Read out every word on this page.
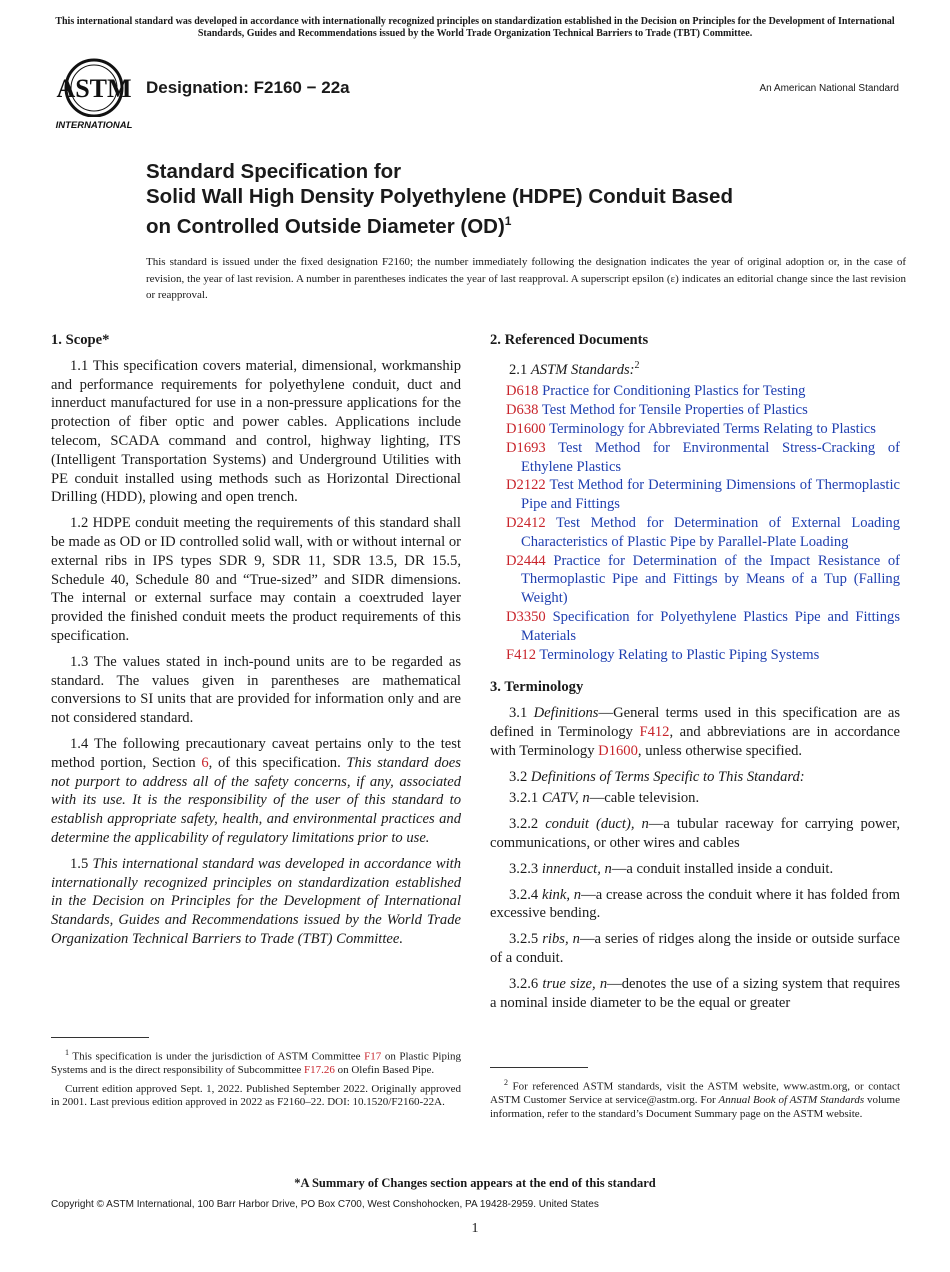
This international standard was developed in accordance with internationally recognized principles on standardization established in the Decision on Principles for the Development of International Standards, Guides and Recommendations issued by the World Trade Organization Technical Barriers to Trade (TBT) Committee.
ASTM
INTERNATIONAL
Designation: F2160 − 22a	An American National Standard
Standard Specification for
Solid Wall High Density Polyethylene (HDPE) Conduit Based
on Controlled Outside Diameter (OD)$^1$
This standard is issued under the fixed designation F2160; the number immediately following the designation indicates the year of original adoption or, in the case of revision, the year of last revision. A number in parentheses indicates the year of last reapproval. A superscript epsilon (ε) indicates an editorial change since the last revision or reapproval.
1. Scope*
1.1 This specification covers material, dimensional, workmanship and performance requirements for polyethylene conduit, duct and innerduct manufactured for use in a non-pressure applications for the protection of fiber optic and power cables. Applications include telecom, SCADA command and control, highway lighting, ITS (Intelligent Transportation Systems) and Underground Utilities with PE conduit installed using methods such as Horizontal Directional Drilling (HDD), plowing and open trench.
1.2 HDPE conduit meeting the requirements of this standard shall be made as OD or ID controlled solid wall, with or without internal or external ribs in IPS types SDR 9, SDR 11, SDR 13.5, DR 15.5, Schedule 40, Schedule 80 and “True-sized” and SIDR dimensions. The internal or external surface may contain a coextruded layer provided the finished conduit meets the product requirements of this specification.
1.3 The values stated in inch-pound units are to be regarded as standard. The values given in parentheses are mathematical conversions to SI units that are provided for information only and are not considered standard.
1.4 The following precautionary caveat pertains only to the test method portion, Section 6, of this specification. This standard does not purport to address all of the safety concerns, if any, associated with its use. It is the responsibility of the user of this standard to establish appropriate safety, health, and environmental practices and determine the applicability of regulatory limitations prior to use.
1.5 This international standard was developed in accordance with internationally recognized principles on standardization established in the Decision on Principles for the Development of International Standards, Guides and Recommendations issued by the World Trade Organization Technical Barriers to Trade (TBT) Committee.
2. Referenced Documents
2.1 ASTM Standards:$^2$
D618 Practice for Conditioning Plastics for Testing
D638 Test Method for Tensile Properties of Plastics
D1600 Terminology for Abbreviated Terms Relating to Plastics
D1693 Test Method for Environmental Stress-Cracking of Ethylene Plastics
D2122 Test Method for Determining Dimensions of Thermoplastic Pipe and Fittings
D2412 Test Method for Determination of External Loading Characteristics of Plastic Pipe by Parallel-Plate Loading
D2444 Practice for Determination of the Impact Resistance of Thermoplastic Pipe and Fittings by Means of a Tup (Falling Weight)
D3350 Specification for Polyethylene Plastics Pipe and Fittings Materials
F412 Terminology Relating to Plastic Piping Systems
3. Terminology
3.1 Definitions—General terms used in this specification are as defined in Terminology F412, and abbreviations are in accordance with Terminology D1600, unless otherwise specified.
3.2 Definitions of Terms Specific to This Standard:
3.2.1 CATV, n—cable television.
3.2.2 conduit (duct), n—a tubular raceway for carrying power, communications, or other wires and cables
3.2.3 innerduct, n—a conduit installed inside a conduit.
3.2.4 kink, n—a crease across the conduit where it has folded from excessive bending.
3.2.5 ribs, n—a series of ridges along the inside or outside surface of a conduit.
3.2.6 true size, n—denotes the use of a sizing system that requires a nominal inside diameter to be the equal or greater
$^1$ This specification is under the jurisdiction of ASTM Committee F17 on Plastic Piping Systems and is the direct responsibility of Subcommittee F17.26 on Olefin Based Pipe.
Current edition approved Sept. 1, 2022. Published September 2022. Originally approved in 2001. Last previous edition approved in 2022 as F2160–22. DOI: 10.1520/F2160-22A.
$^2$ For referenced ASTM standards, visit the ASTM website, www.astm.org, or contact ASTM Customer Service at service@astm.org. For Annual Book of ASTM Standards volume information, refer to the standard’s Document Summary page on the ASTM website.
*A Summary of Changes section appears at the end of this standard
Copyright © ASTM International, 100 Barr Harbor Drive, PO Box C700, West Conshohocken, PA 19428-2959. United States
1
